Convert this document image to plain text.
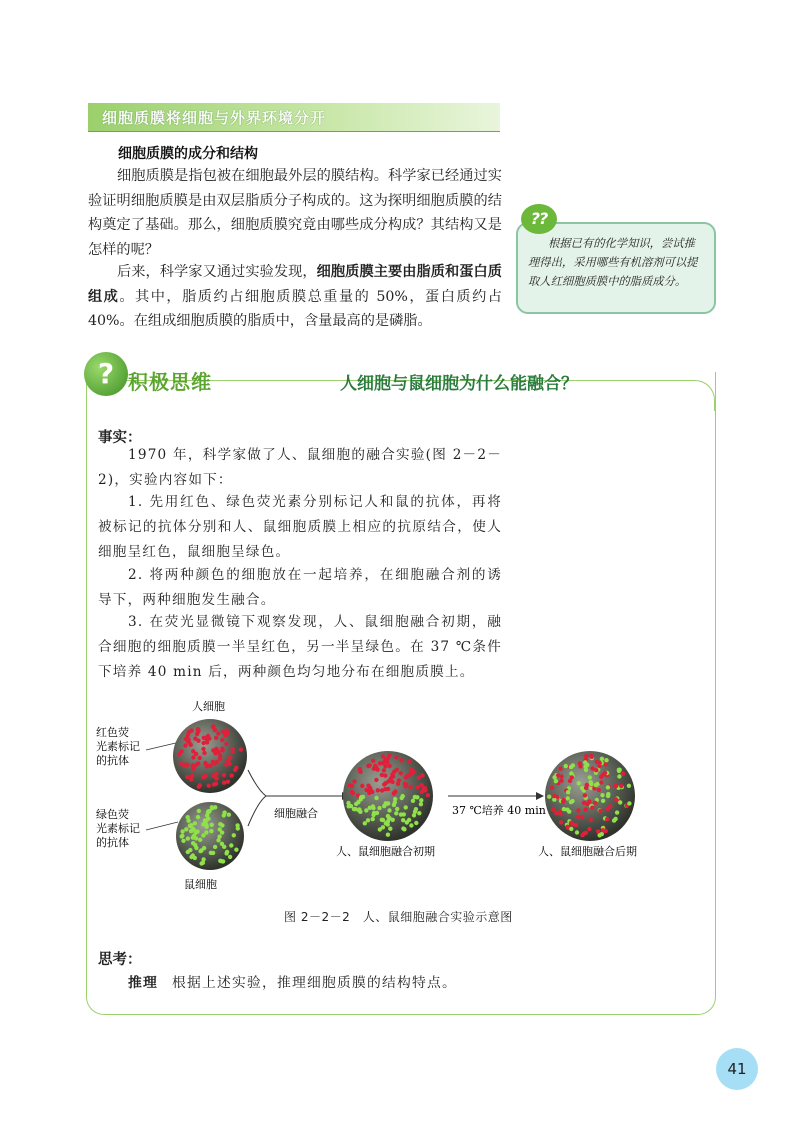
细胞质膜将细胞与外界环境分开
细胞质膜的成分和结构

细胞质膜是指包被在细胞最外层的膜结构。科学家已经通过实验证明细胞质膜是由双层脂质分子构成的。这为探明细胞质膜的结构奠定了基础。那么，细胞质膜究竟由哪些成分构成？其结构又是怎样的呢？

后来，科学家又通过实验发现，细胞质膜主要由脂质和蛋白质组成。其中，脂质约占细胞质膜总重量的 50%，蛋白质约占 40%。在组成细胞质膜的脂质中，含量最高的是磷脂。

??

根据已有的化学知识，尝试推理得出，采用哪些有机溶剂可以提取人红细胞质膜中的脂质成分。

? 积极思维	人细胞与鼠细胞为什么能融合？
事实：

1970 年，科学家做了人、鼠细胞的融合实验(图 2－2－2)，实验内容如下：

1. 先用红色、绿色荧光素分别标记人和鼠的抗体，再将被标记的抗体分别和人、鼠细胞质膜上相应的抗原结合，使人细胞呈红色，鼠细胞呈绿色。

2. 将两种颜色的细胞放在一起培养，在细胞融合剂的诱导下，两种细胞发生融合。

3. 在荧光显微镜下观察发现，人、鼠细胞融合初期，融合细胞的细胞质膜一半呈红色，另一半呈绿色。在 37 ℃条件下培养 40 min 后，两种颜色均匀地分布在细胞质膜上。

人细胞
红色荧
光素标记
的抗体
绿色荧
光素标记
的抗体
鼠细胞
细胞融合
人、鼠细胞融合初期
37 ℃培养 40 min
人、鼠细胞融合后期
图 2－2－2　人、鼠细胞融合实验示意图
思考：
推理 根据上述实验，推理细胞质膜的结构特点。
41
